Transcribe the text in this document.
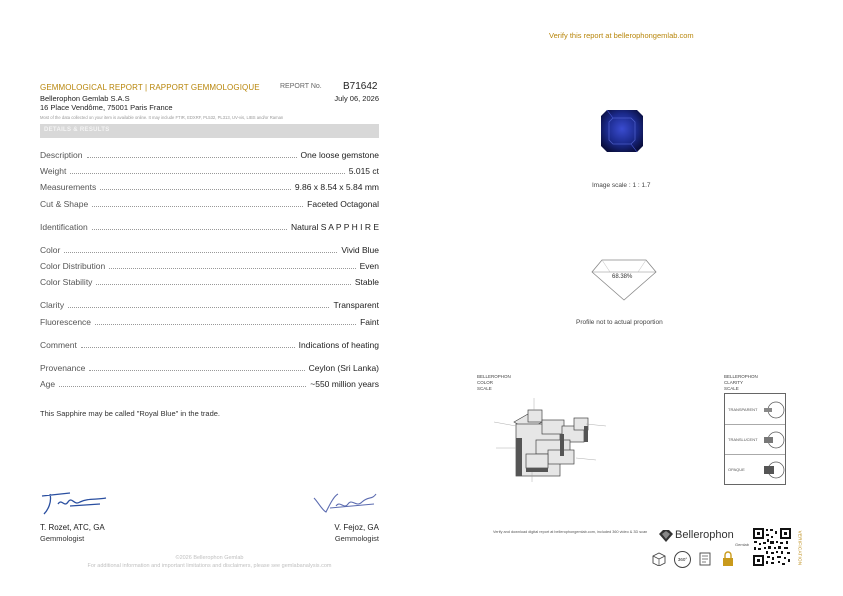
Verify this report at bellerophongemlab.com
GEMMOLOGICAL REPORT | RAPPORT GEMMOLOGIQUE	REPORT No. B71642
Bellerophon Gemlab S.A.S	July 06, 2026
16 Place Vendôme, 75001 Paris France
Most of the data collected on your item is available online. It may include FTIR, EDXRF, PL532, PL313, UV-vis, LIBS and/or Raman
DETAILS & RESULTS
Description	One loose gemstone
Weight	5.015 ct
Measurements	9.86 x 8.54 x 5.84 mm
Cut & Shape	Faceted Octagonal
Identification	Natural S A P P H I R E
Color	Vivid Blue
Color Distribution	Even
Color Stability	Stable
Clarity	Transparent
Fluorescence	Faint
Comment	Indications of heating
Provenance	Ceylon (Sri Lanka)
Age	~550 million years
This Sapphire may be called "Royal Blue" in the trade.
T. Rozet, ATC, GA
Gemmologist
V. Fejoz, GA
Gemmologist
©2026 Bellerophon Gemlab
For additional information and important limitations and disclaimers, please see gemlabanalysis.com
Image scale : 1 : 1.7
68.38%
Profile not to actual proportion
BELLEROPHON
COLOR
SCALE
BELLEROPHON
CLARITY
SCALE
TRANSPARENT
TRANSLUCENT
OPAQUE
Verify and download digital report at bellerophongemlab.com, included 360 video & 3D scan	Bellerophon
Gemlab
360°	VERIFICATION
